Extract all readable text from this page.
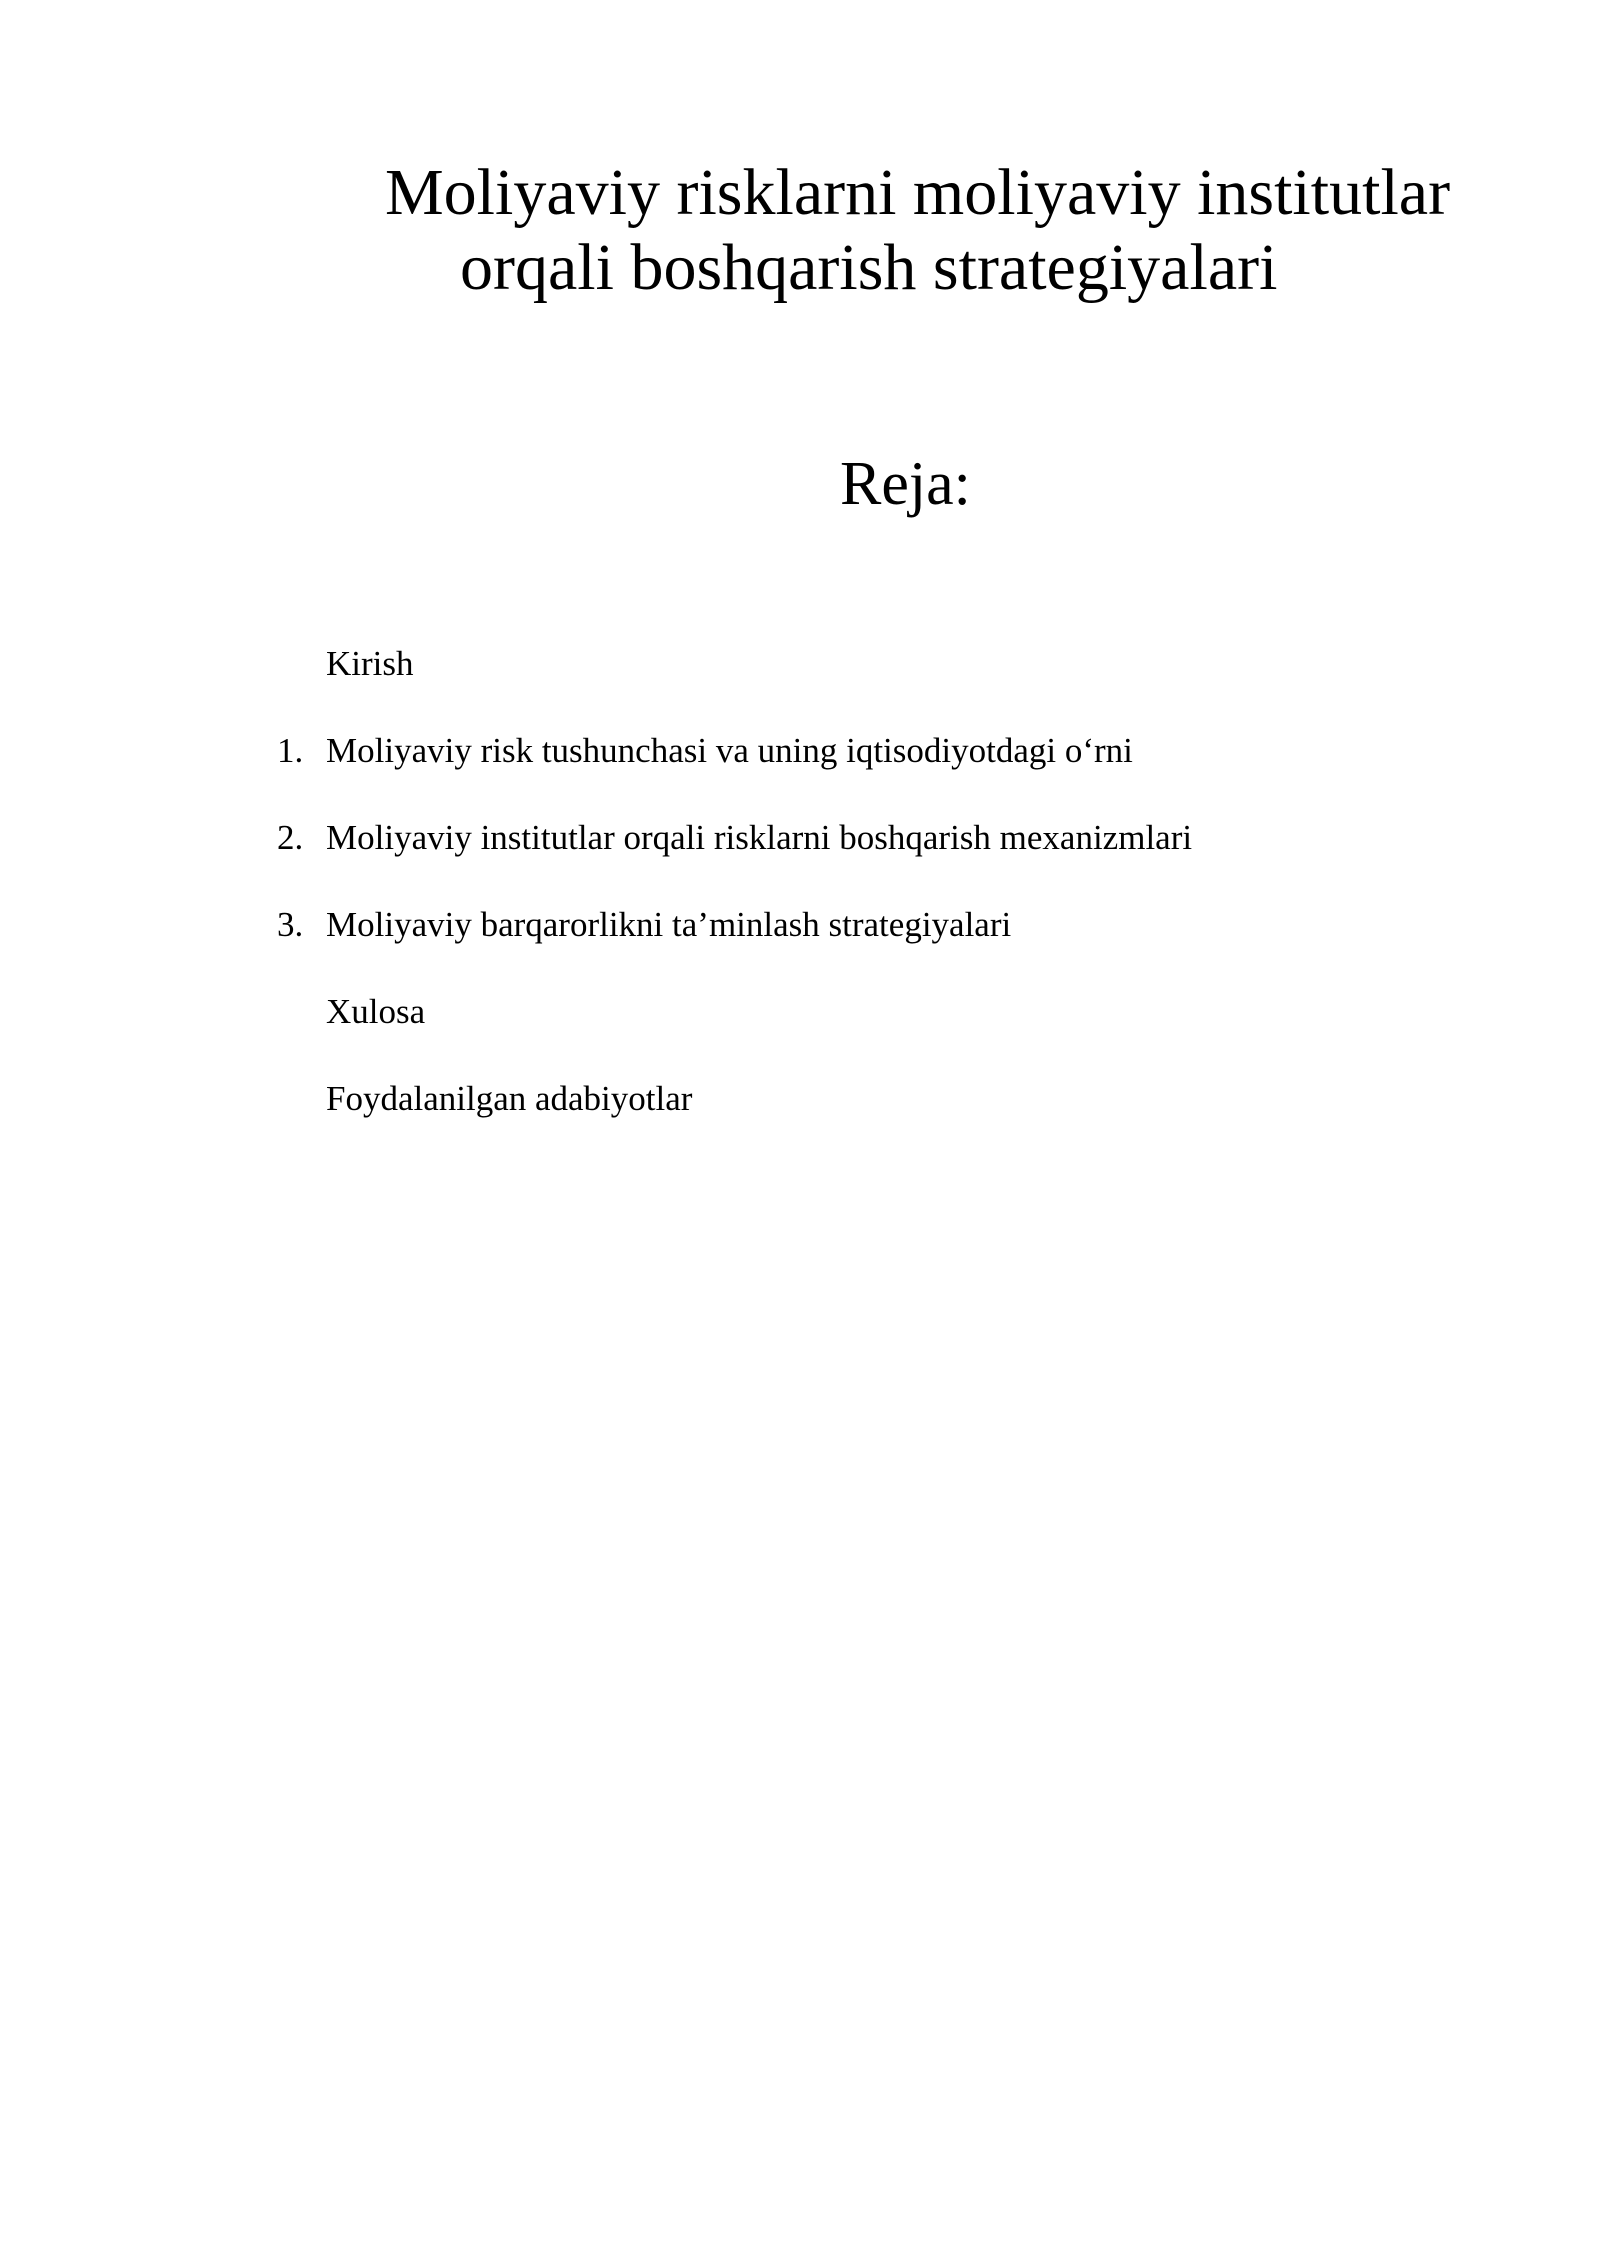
Moliyaviy risklarni moliyaviy institutlar
orqali boshqarish strategiyalari
Reja:
Kirish
1. Moliyaviy risk tushunchasi va uning iqtisodiyotdagi o‘rni
2. Moliyaviy institutlar orqali risklarni boshqarish mexanizmlari
3. Moliyaviy barqarorlikni ta’minlash strategiyalari
Xulosa
Foydalanilgan adabiyotlar
